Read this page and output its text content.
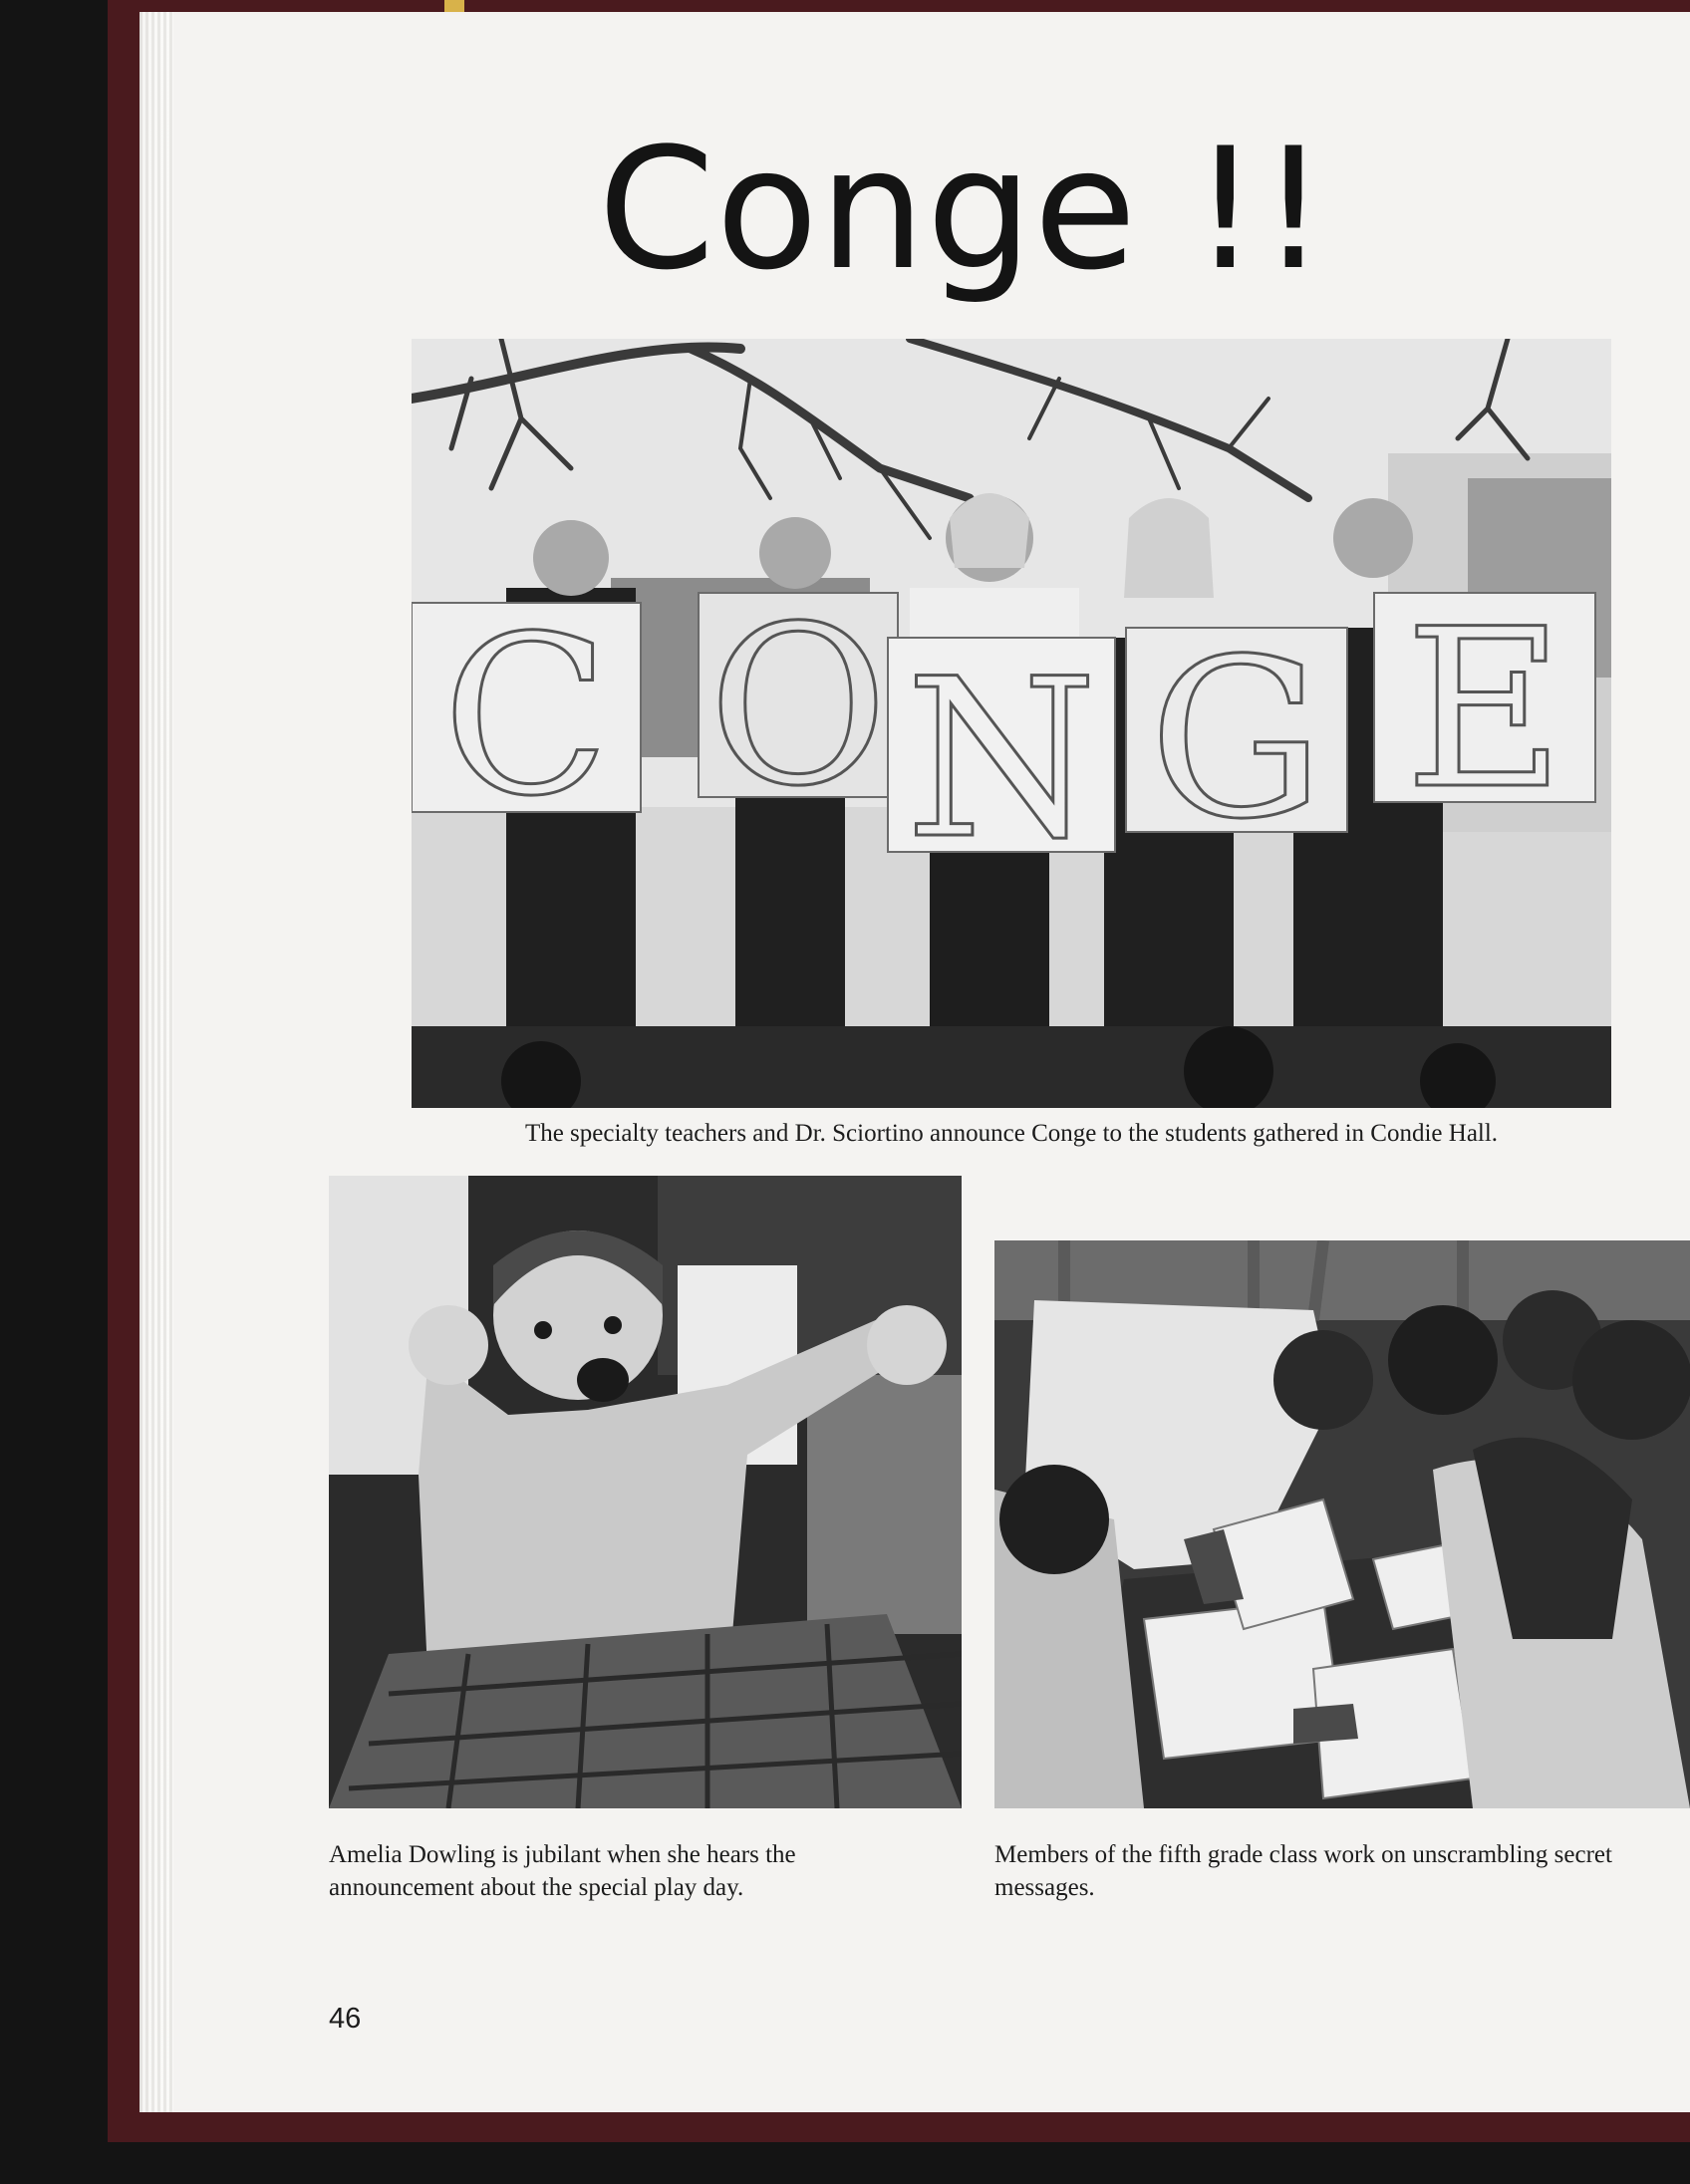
Conge !!
C O N G E

The specialty teachers and Dr. Sciortino announce Conge to the students gathered in Condie Hall.

Amelia Dowling is jubilant when she hears the announcement about the special play day.

Members of the fifth grade class work on unscrambling secret messages.

46
